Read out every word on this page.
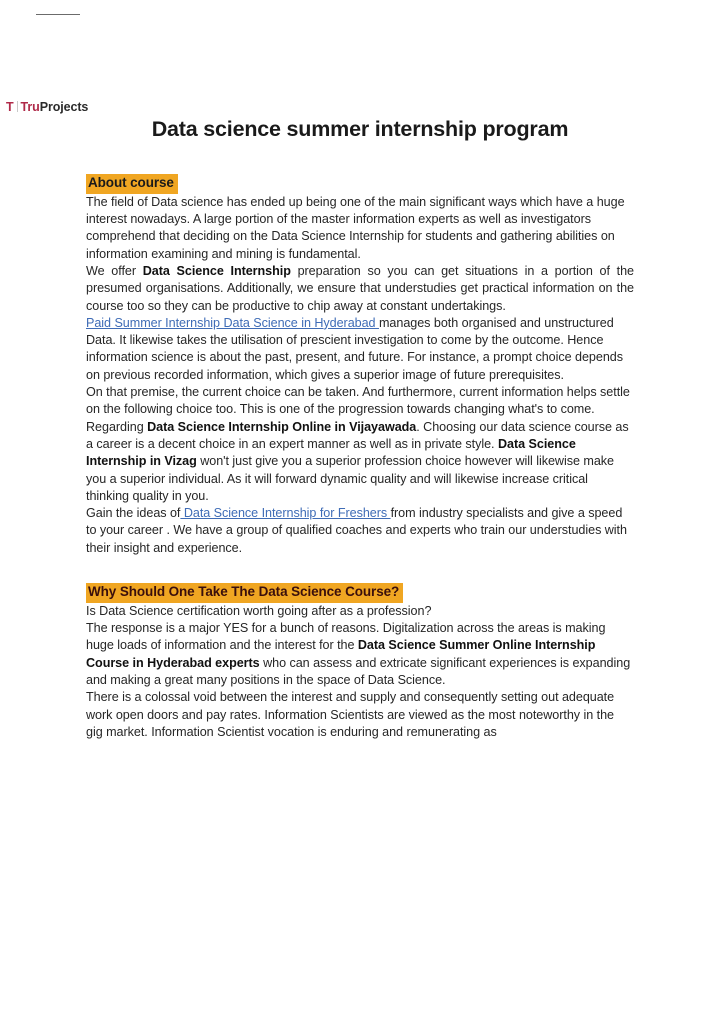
T Tru Projects
Data science summer internship program
About course

The field of Data science has ended up being one of the main significant ways which have a huge interest nowadays. A large portion of the master information experts as well as investigators comprehend that deciding on the Data Science Internship for students and gathering abilities on information examining and mining is fundamental.

We offer Data Science Internship preparation so you can get situations in a portion of the presumed organisations. Additionally, we ensure that understudies get practical information on the course too so they can be productive to chip away at constant undertakings.

Paid Summer Internship Data Science in Hyderabad manages both organised and unstructured Data. It likewise takes the utilisation of prescient investigation to come by the outcome. Hence information science is about the past, present, and future. For instance, a prompt choice depends on previous recorded information, which gives a superior image of future prerequisites.

On that premise, the current choice can be taken. And furthermore, current information helps settle on the following choice too. This is one of the progression towards changing what's to come.

Regarding Data Science Internship Online in Vijayawada. Choosing our data science course as a career is a decent choice in an expert manner as well as in private style. Data Science Internship in Vizag won't just give you a superior profession choice however will likewise make you a superior individual. As it will forward dynamic quality and will likewise increase critical thinking quality in you.

Gain the ideas of Data Science Internship for Freshers from industry specialists and give a speed to your career . We have a group of qualified coaches and experts who train our understudies with their insight and experience.

Why Should One Take The Data Science Course?

Is Data Science certification worth going after as a profession?
The response is a major YES for a bunch of reasons. Digitalization across the areas is making huge loads of information and the interest for the Data Science Summer Online Internship Course in Hyderabad experts who can assess and extricate significant experiences is expanding and making a great many positions in the space of Data Science.

There is a colossal void between the interest and supply and consequently setting out adequate work open doors and pay rates. Information Scientists are viewed as the most noteworthy in the gig market. Information Scientist vocation is enduring and remunerating as
